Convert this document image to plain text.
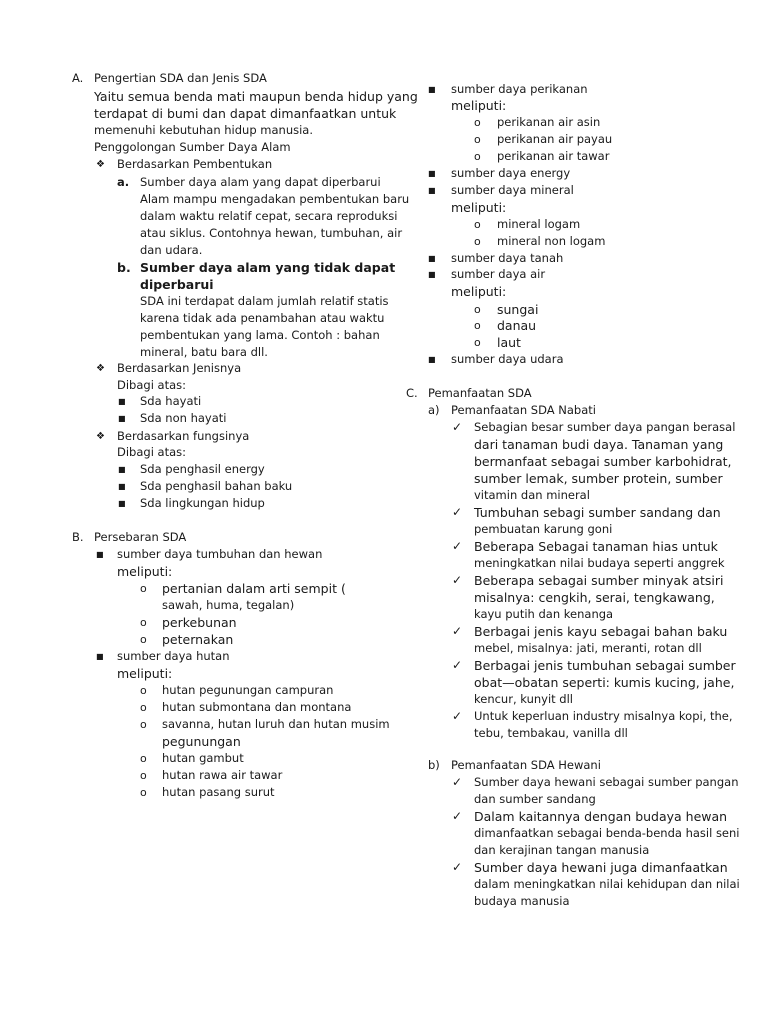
A. Pengertian SDA dan Jenis SDA
Yaitu semua benda mati maupun benda hidup yang
terdapat di bumi dan dapat dimanfaatkan untuk
memenuhi kebutuhan hidup manusia.
Penggolongan Sumber Daya Alam
❖ Berdasarkan Pembentukan
a. Sumber daya alam yang dapat diperbarui
Alam mampu mengadakan pembentukan baru
dalam waktu relatif cepat, secara reproduksi
atau siklus. Contohnya hewan, tumbuhan, air
dan udara.
b. Sumber daya alam yang tidak dapat
diperbarui
SDA ini terdapat dalam jumlah relatif statis
karena tidak ada penambahan atau waktu
pembentukan yang lama. Contoh : bahan
mineral, batu bara dll.
❖ Berdasarkan Jenisnya
Dibagi atas:
■ Sda hayati
■ Sda non hayati
❖ Berdasarkan fungsinya
Dibagi atas:
■ Sda penghasil energy
■ Sda penghasil bahan baku
■ Sda lingkungan hidup
B. Persebaran SDA
■ sumber daya tumbuhan dan hewan
meliputi:
o pertanian dalam arti sempit (
sawah, huma, tegalan)
o perkebunan
o peternakan
■ sumber daya hutan
meliputi:
o hutan pegunungan campuran
o hutan submontana dan montana
o savanna, hutan luruh dan hutan musim
pegunungan
o hutan gambut
o hutan rawa air tawar
o hutan pasang surut
■ sumber daya perikanan
meliputi:
o perikanan air asin
o perikanan air payau
o perikanan air tawar
■ sumber daya energy
■ sumber daya mineral
meliputi:
o mineral logam
o mineral non logam
■ sumber daya tanah
■ sumber daya air
meliputi:
o sungai
o danau
o laut
■ sumber daya udara
C. Pemanfaatan SDA
a) Pemanfaatan SDA Nabati
✓ Sebagian besar sumber daya pangan berasal
dari tanaman budi daya. Tanaman yang
bermanfaat sebagai sumber karbohidrat,
sumber lemak, sumber protein, sumber
vitamin dan mineral
✓ Tumbuhan sebagi sumber sandang dan
pembuatan karung goni
✓ Beberapa Sebagai tanaman hias untuk
meningkatkan nilai budaya seperti anggrek
✓ Beberapa sebagai sumber minyak atsiri
misalnya: cengkih, serai, tengkawang,
kayu putih dan kenanga
✓ Berbagai jenis kayu sebagai bahan baku
mebel, misalnya: jati, meranti, rotan dll
✓ Berbagai jenis tumbuhan sebagai sumber
obat—obatan seperti: kumis kucing, jahe,
kencur, kunyit dll
✓ Untuk keperluan industry misalnya kopi, the,
tebu, tembakau, vanilla dll
b) Pemanfaatan SDA Hewani
✓ Sumber daya hewani sebagai sumber pangan
dan sumber sandang
✓ Dalam kaitannya dengan budaya hewan
dimanfaatkan sebagai benda-benda hasil seni
dan kerajinan tangan manusia
✓ Sumber daya hewani juga dimanfaatkan
dalam meningkatkan nilai kehidupan dan nilai
budaya manusia
